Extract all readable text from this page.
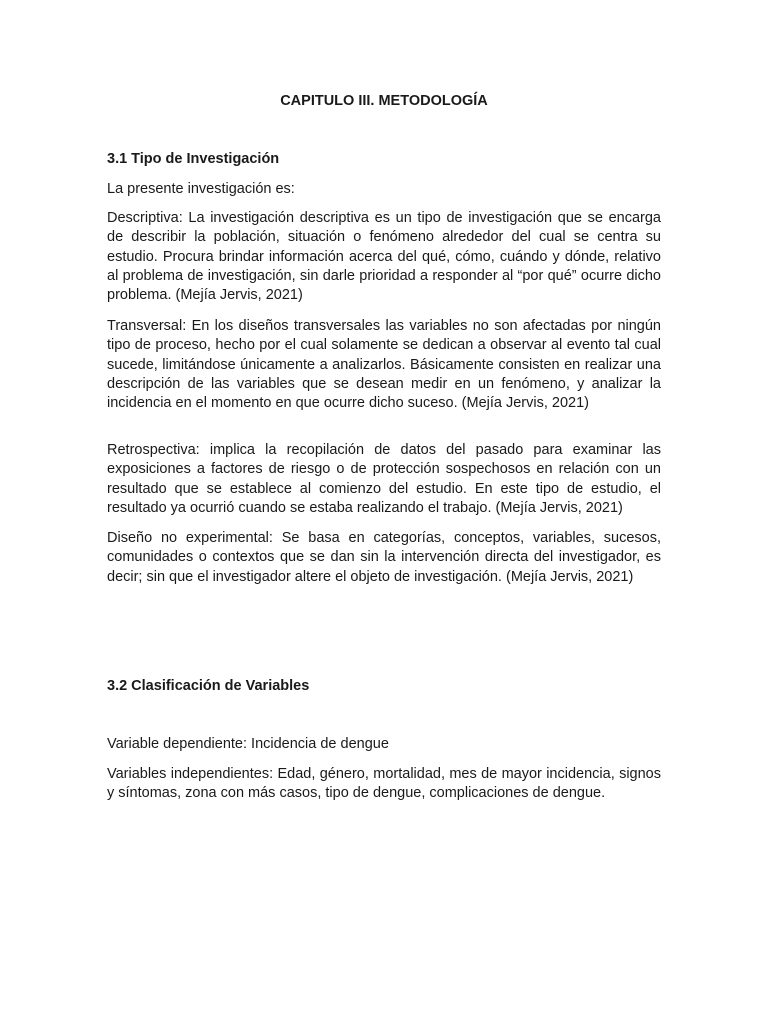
CAPITULO III. METODOLOGÍA
3.1 Tipo de Investigación

La presente investigación es:

Descriptiva: La investigación descriptiva es un tipo de investigación que se encarga de describir la población, situación o fenómeno alrededor del cual se centra su estudio. Procura brindar información acerca del qué, cómo, cuándo y dónde, relativo al problema de investigación, sin darle prioridad a responder al “por qué” ocurre dicho problema. (Mejía Jervis, 2021)

Transversal: En los diseños transversales las variables no son afectadas por ningún tipo de proceso, hecho por el cual solamente se dedican a observar al evento tal cual sucede, limitándose únicamente a analizarlos. Básicamente consisten en realizar una descripción de las variables que se desean medir en un fenómeno, y analizar la incidencia en el momento en que ocurre dicho suceso. (Mejía Jervis, 2021)

Retrospectiva: implica la recopilación de datos del pasado para examinar las exposiciones a factores de riesgo o de protección sospechosos en relación con un resultado que se establece al comienzo del estudio. En este tipo de estudio, el resultado ya ocurrió cuando se estaba realizando el trabajo. (Mejía Jervis, 2021)

Diseño no experimental: Se basa en categorías, conceptos, variables, sucesos, comunidades o contextos que se dan sin la intervención directa del investigador, es decir; sin que el investigador altere el objeto de investigación. (Mejía Jervis, 2021)

3.2 Clasificación de Variables

Variable dependiente: Incidencia de dengue

Variables independientes: Edad, género, mortalidad, mes de mayor incidencia, signos y síntomas, zona con más casos, tipo de dengue, complicaciones de dengue.
